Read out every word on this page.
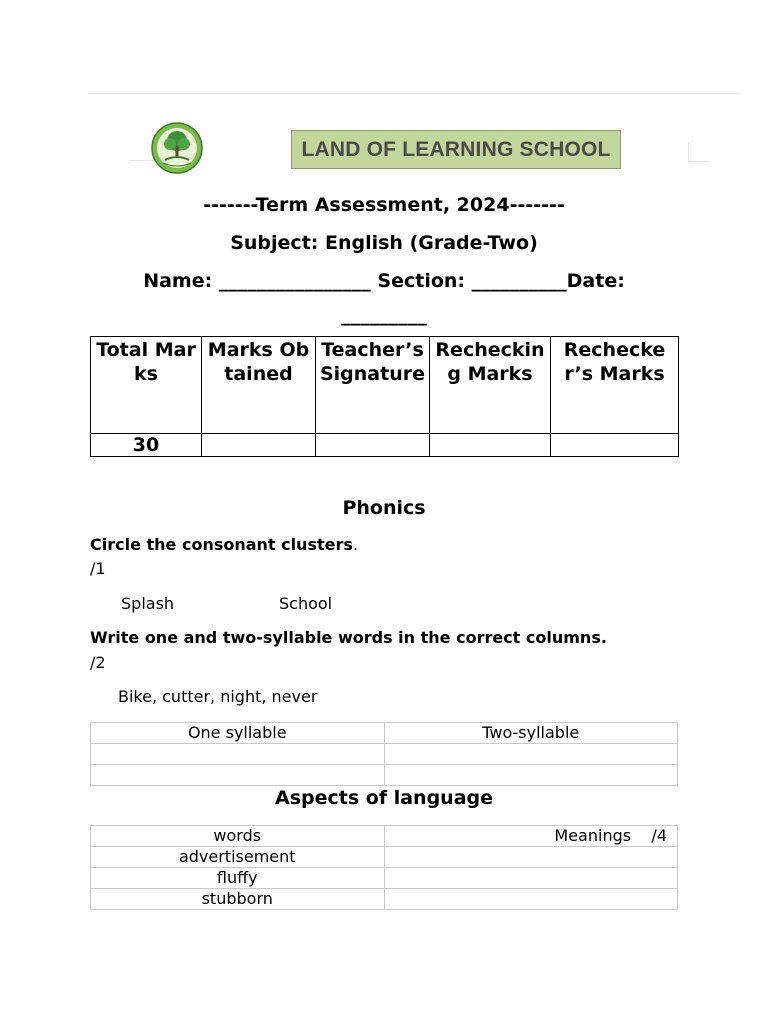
LAND OF LEARNING SCHOOL
-------Term Assessment, 2024-------
Subject: English (Grade-Two)
Name: ________________ Section: __________Date:
_________
Total Marks	Marks Obtained	Teacher’s Signature	Rechecking Marks	Rechecker’s Marks
30				
Phonics
Circle the consonant clusters.
/1
Splash	School
Write one and two-syllable words in the correct columns.
/2
Bike, cutter, night, never
One syllable	Two-syllable

Aspects of language
words	Meanings    /4
advertisement	
fluffy	
stubborn	
